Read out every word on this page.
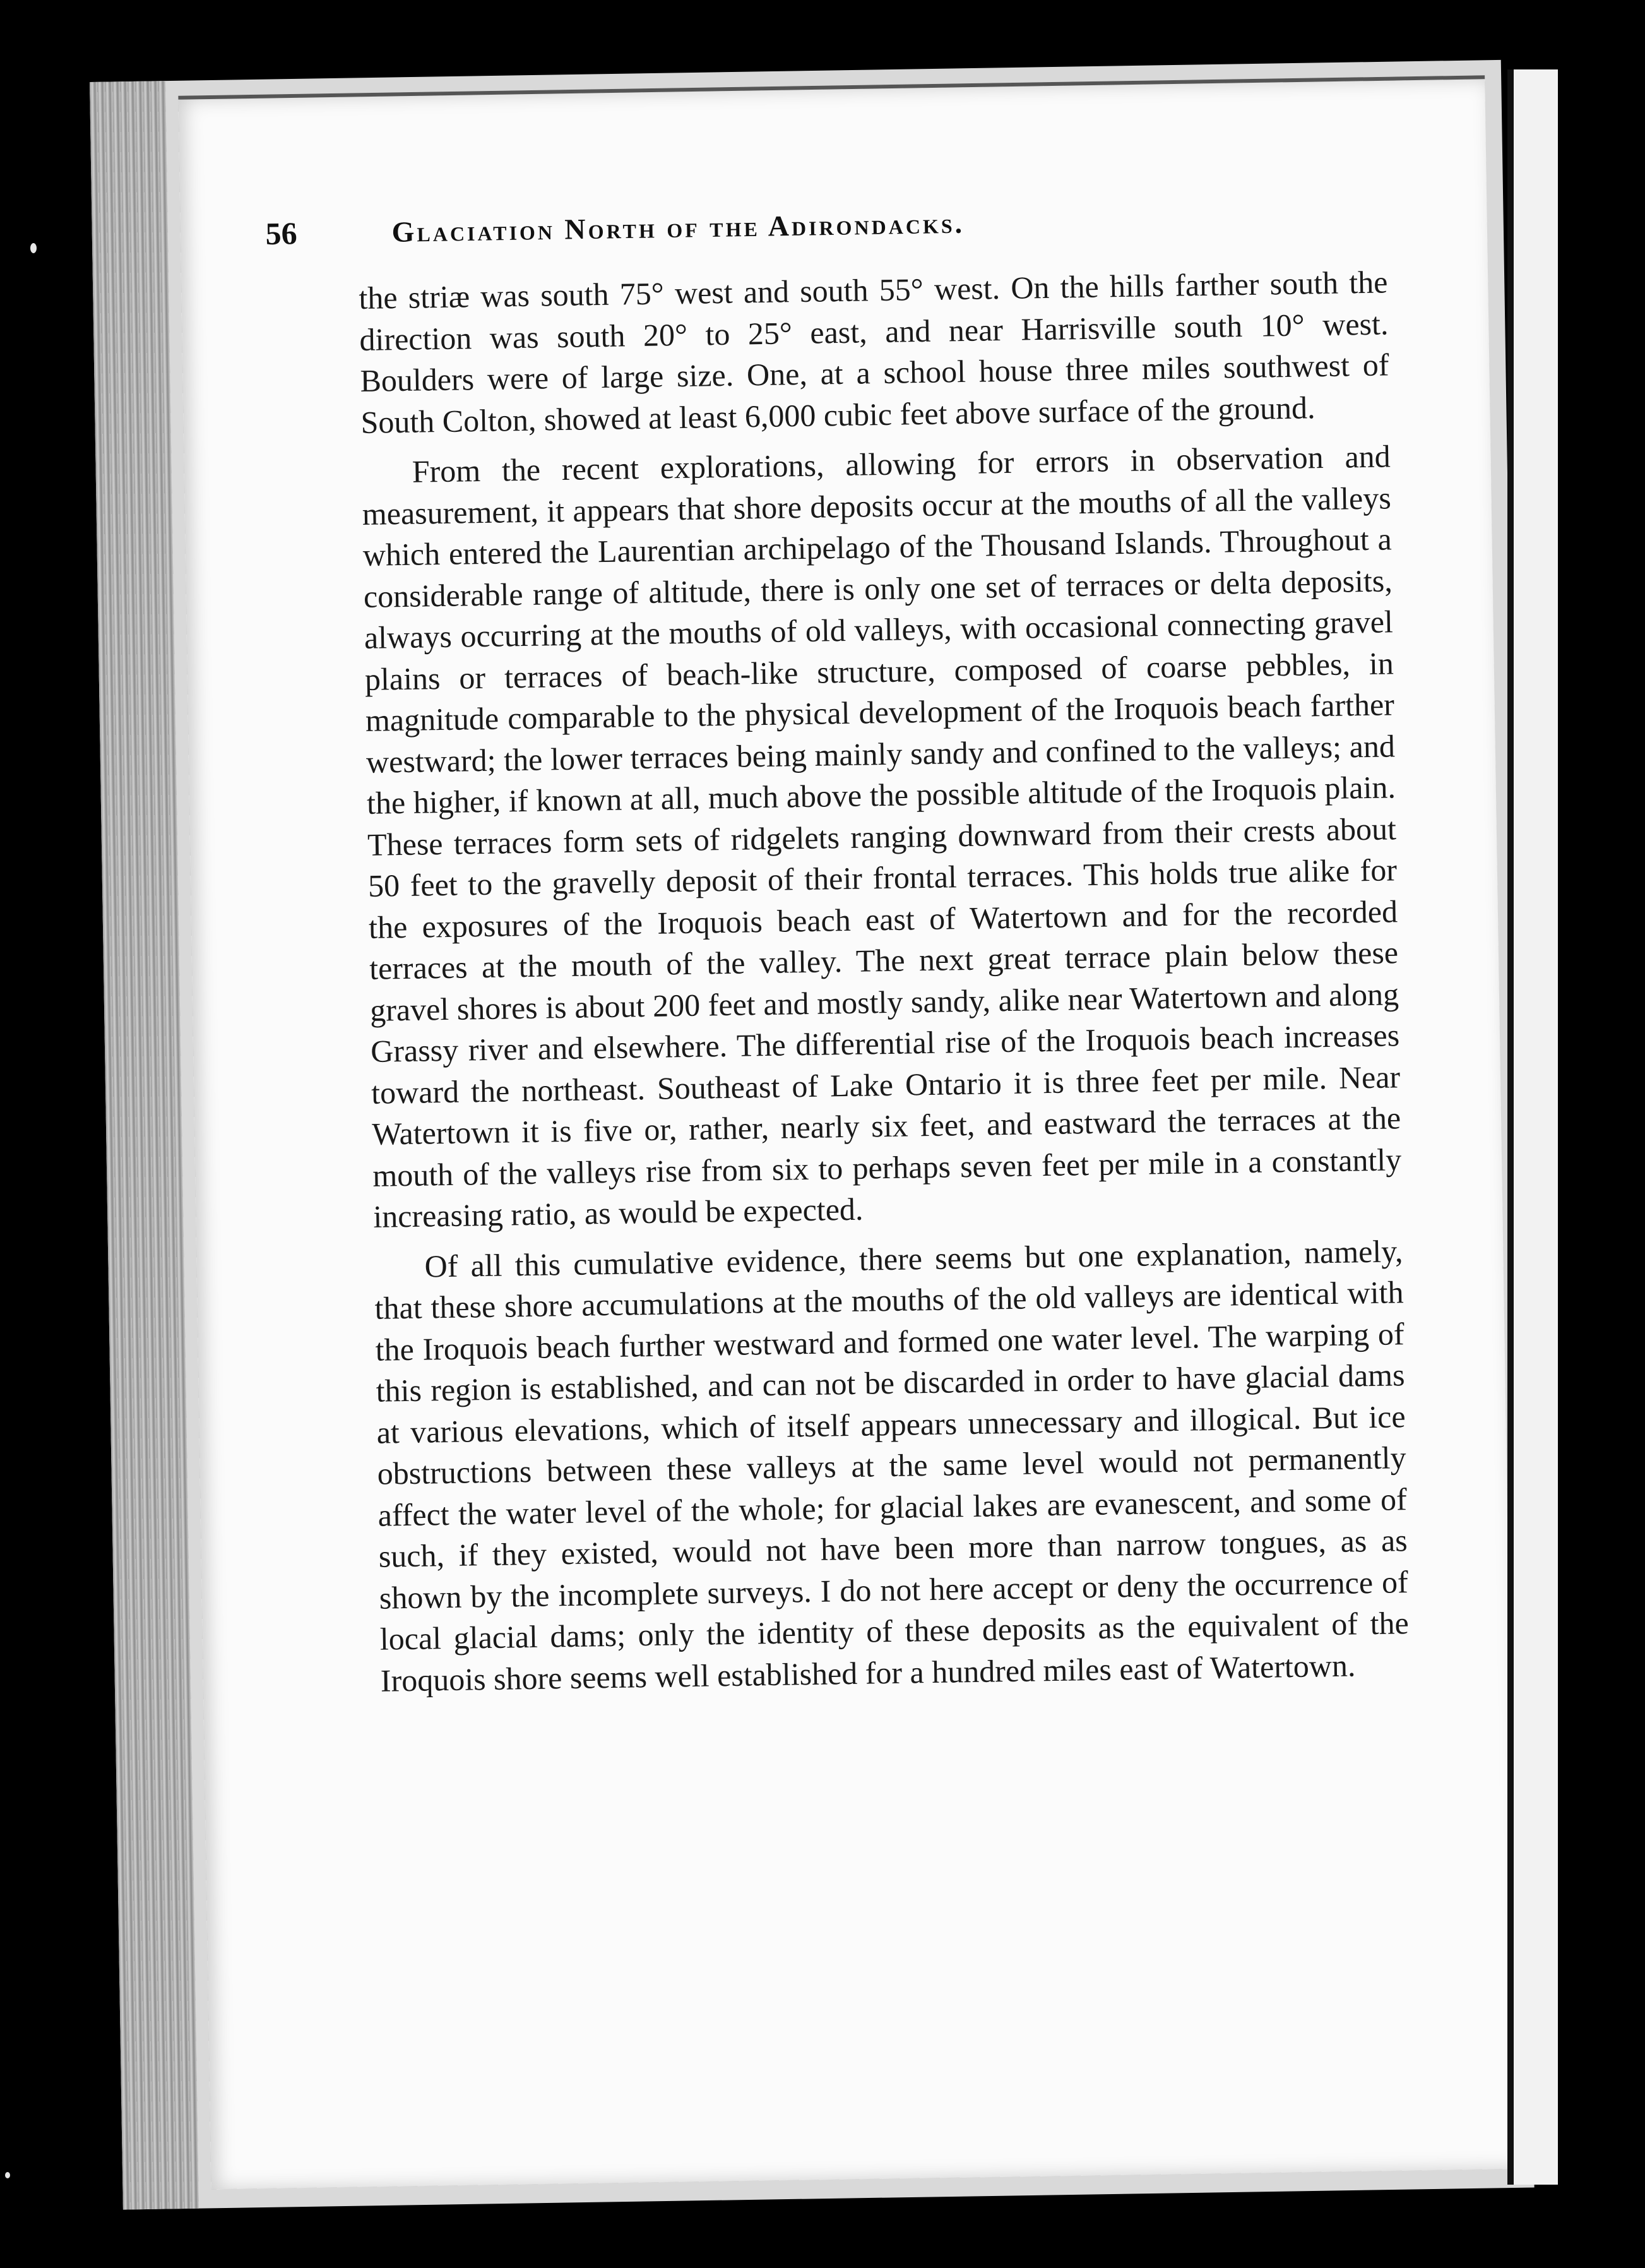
56	Glaciation North of the Adirondacks.

the striæ was south 75° west and south 55° west. On the hills farther south the direction was south 20° to 25° east, and near Harrisville south 10° west. Boulders were of large size. One, at a school house three miles southwest of South Colton, showed at least 6,000 cubic feet above surface of the ground.

From the recent explorations, allowing for errors in observation and measurement, it appears that shore deposits occur at the mouths of all the valleys which entered the Laurentian archipelago of the Thousand Islands. Throughout a considerable range of altitude, there is only one set of terraces or delta deposits, always occurring at the mouths of old valleys, with occasional connecting gravel plains or terraces of beach-like structure, composed of coarse pebbles, in magnitude comparable to the physical development of the Iroquois beach farther westward; the lower terraces being mainly sandy and confined to the valleys; and the higher, if known at all, much above the possible altitude of the Iroquois plain. These terraces form sets of ridgelets ranging downward from their crests about 50 feet to the gravelly deposit of their frontal terraces. This holds true alike for the exposures of the Iroquois beach east of Watertown and for the recorded terraces at the mouth of the valley. The next great terrace plain below these gravel shores is about 200 feet and mostly sandy, alike near Watertown and along Grassy river and elsewhere. The differential rise of the Iroquois beach increases toward the northeast. Southeast of Lake Ontario it is three feet per mile. Near Watertown it is five or, rather, nearly six feet, and eastward the terraces at the mouth of the valleys rise from six to perhaps seven feet per mile in a constantly increasing ratio, as would be expected.

Of all this cumulative evidence, there seems but one explanation, namely, that these shore accumulations at the mouths of the old valleys are identical with the Iroquois beach further westward and formed one water level. The warping of this region is established, and can not be discarded in order to have glacial dams at various elevations, which of itself appears unnecessary and illogical. But ice obstructions between these valleys at the same level would not permanently affect the water level of the whole; for glacial lakes are evanescent, and some of such, if they existed, would not have been more than narrow tongues, as as shown by the incomplete surveys. I do not here accept or deny the occurrence of local glacial dams; only the identity of these deposits as the equivalent of the Iroquois shore seems well established for a hundred miles east of Watertown.
